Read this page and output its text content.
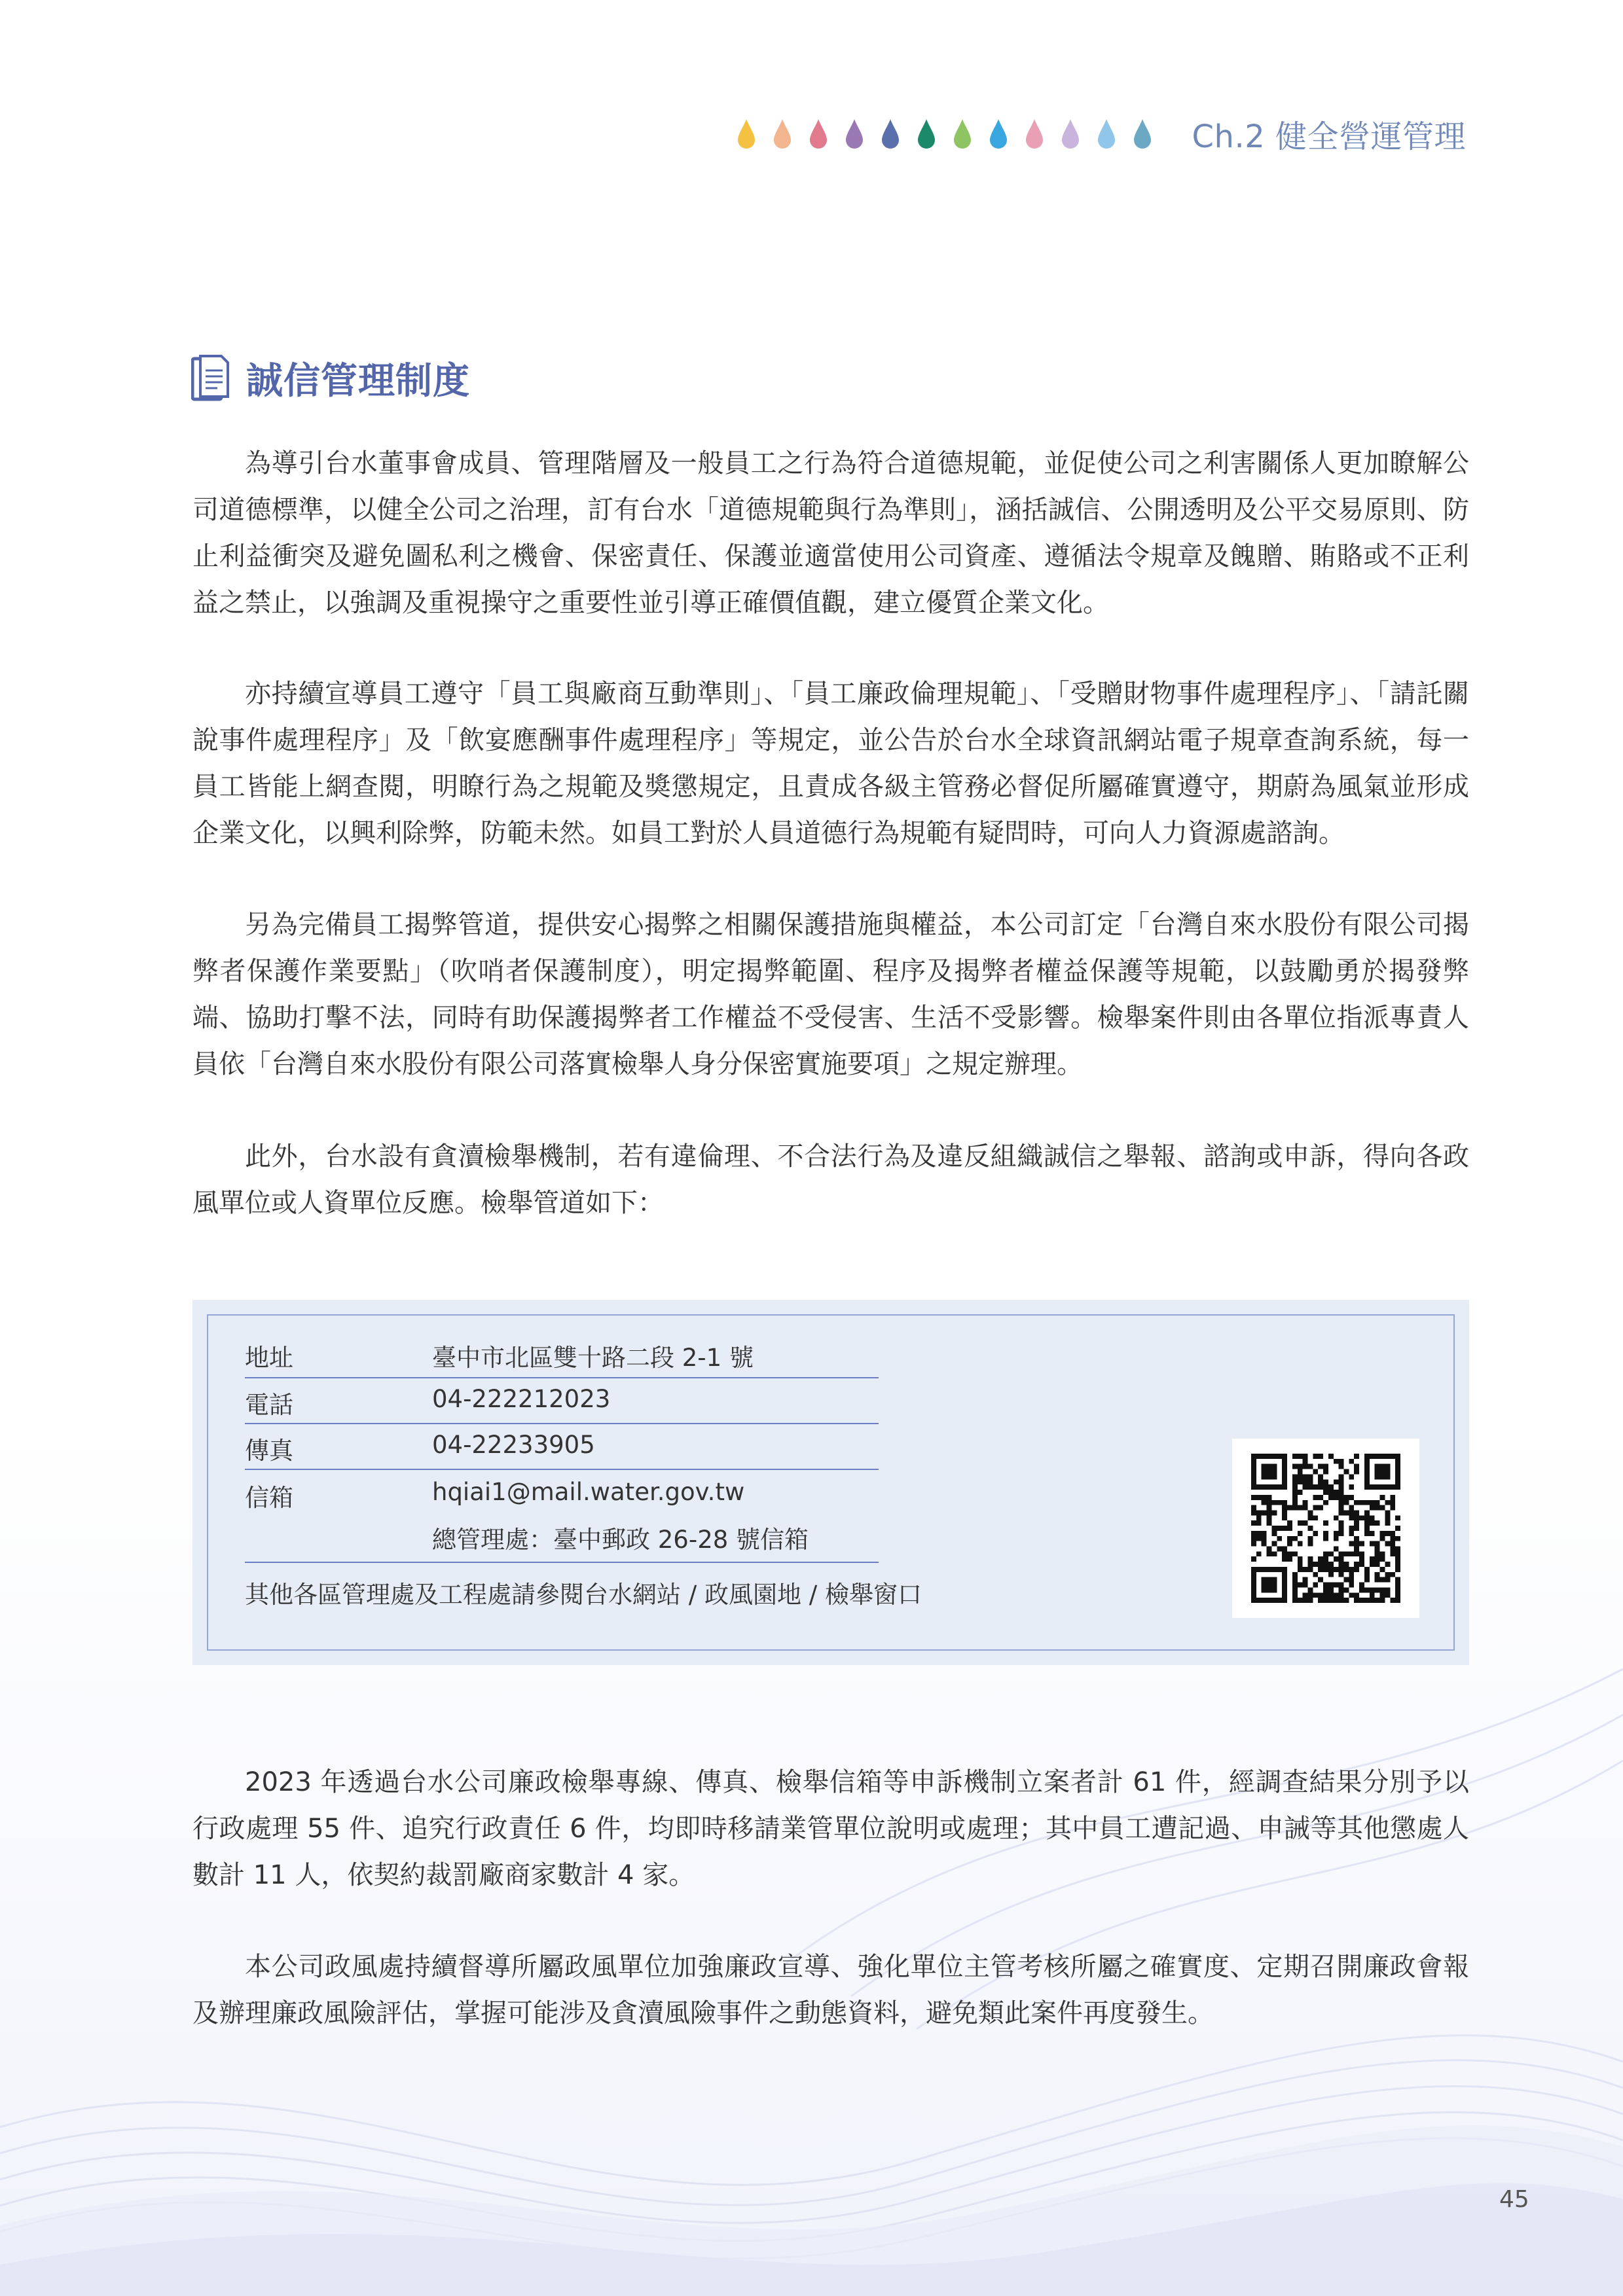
Ch.2 健全營運管理
誠信管理制度

為導引台水董事會成員、管理階層及一般員工之行為符合道德規範，並促使公司之利害關係人更加瞭解公司道德標準，以健全公司之治理，訂有台水「道德規範與行為準則」，涵括誠信、公開透明及公平交易原則、防止利益衝突及避免圖私利之機會、保密責任、保護並適當使用公司資產、遵循法令規章及餽贈、賄賂或不正利益之禁止，以強調及重視操守之重要性並引導正確價值觀，建立優質企業文化。

亦持續宣導員工遵守「員工與廠商互動準則」、「員工廉政倫理規範」、「受贈財物事件處理程序」、「請託關說事件處理程序」及「飲宴應酬事件處理程序」等規定，並公告於台水全球資訊網站電子規章查詢系統，每一員工皆能上網查閱，明瞭行為之規範及獎懲規定，且責成各級主管務必督促所屬確實遵守，期蔚為風氣並形成企業文化，以興利除弊，防範未然。如員工對於人員道德行為規範有疑問時，可向人力資源處諮詢。

另為完備員工揭弊管道，提供安心揭弊之相關保護措施與權益，本公司訂定「台灣自來水股份有限公司揭弊者保護作業要點」（吹哨者保護制度），明定揭弊範圍、程序及揭弊者權益保護等規範，以鼓勵勇於揭發弊端、協助打擊不法，同時有助保護揭弊者工作權益不受侵害、生活不受影響。檢舉案件則由各單位指派專責人員依「台灣自來水股份有限公司落實檢舉人身分保密實施要項」之規定辦理。

此外，台水設有貪瀆檢舉機制，若有違倫理、不合法行為及違反組織誠信之舉報、諮詢或申訴，得向各政風單位或人資單位反應。檢舉管道如下：

地址	臺中市北區雙十路二段 2-1 號
電話	04-222212023
傳真	04-22233905
信箱	hqiai1@mail.water.gov.tw
總管理處：臺中郵政 26-28 號信箱
其他各區管理處及工程處請參閱台水網站 / 政風園地 / 檢舉窗口

2023 年透過台水公司廉政檢舉專線、傳真、檢舉信箱等申訴機制立案者計 61 件，經調查結果分別予以行政處理 55 件、追究行政責任 6 件，均即時移請業管單位說明或處理；其中員工遭記過、申誡等其他懲處人數計 11 人，依契約裁罰廠商家數計 4 家。

本公司政風處持續督導所屬政風單位加強廉政宣導、強化單位主管考核所屬之確實度、定期召開廉政會報及辦理廉政風險評估，掌握可能涉及貪瀆風險事件之動態資料，避免類此案件再度發生。

45
